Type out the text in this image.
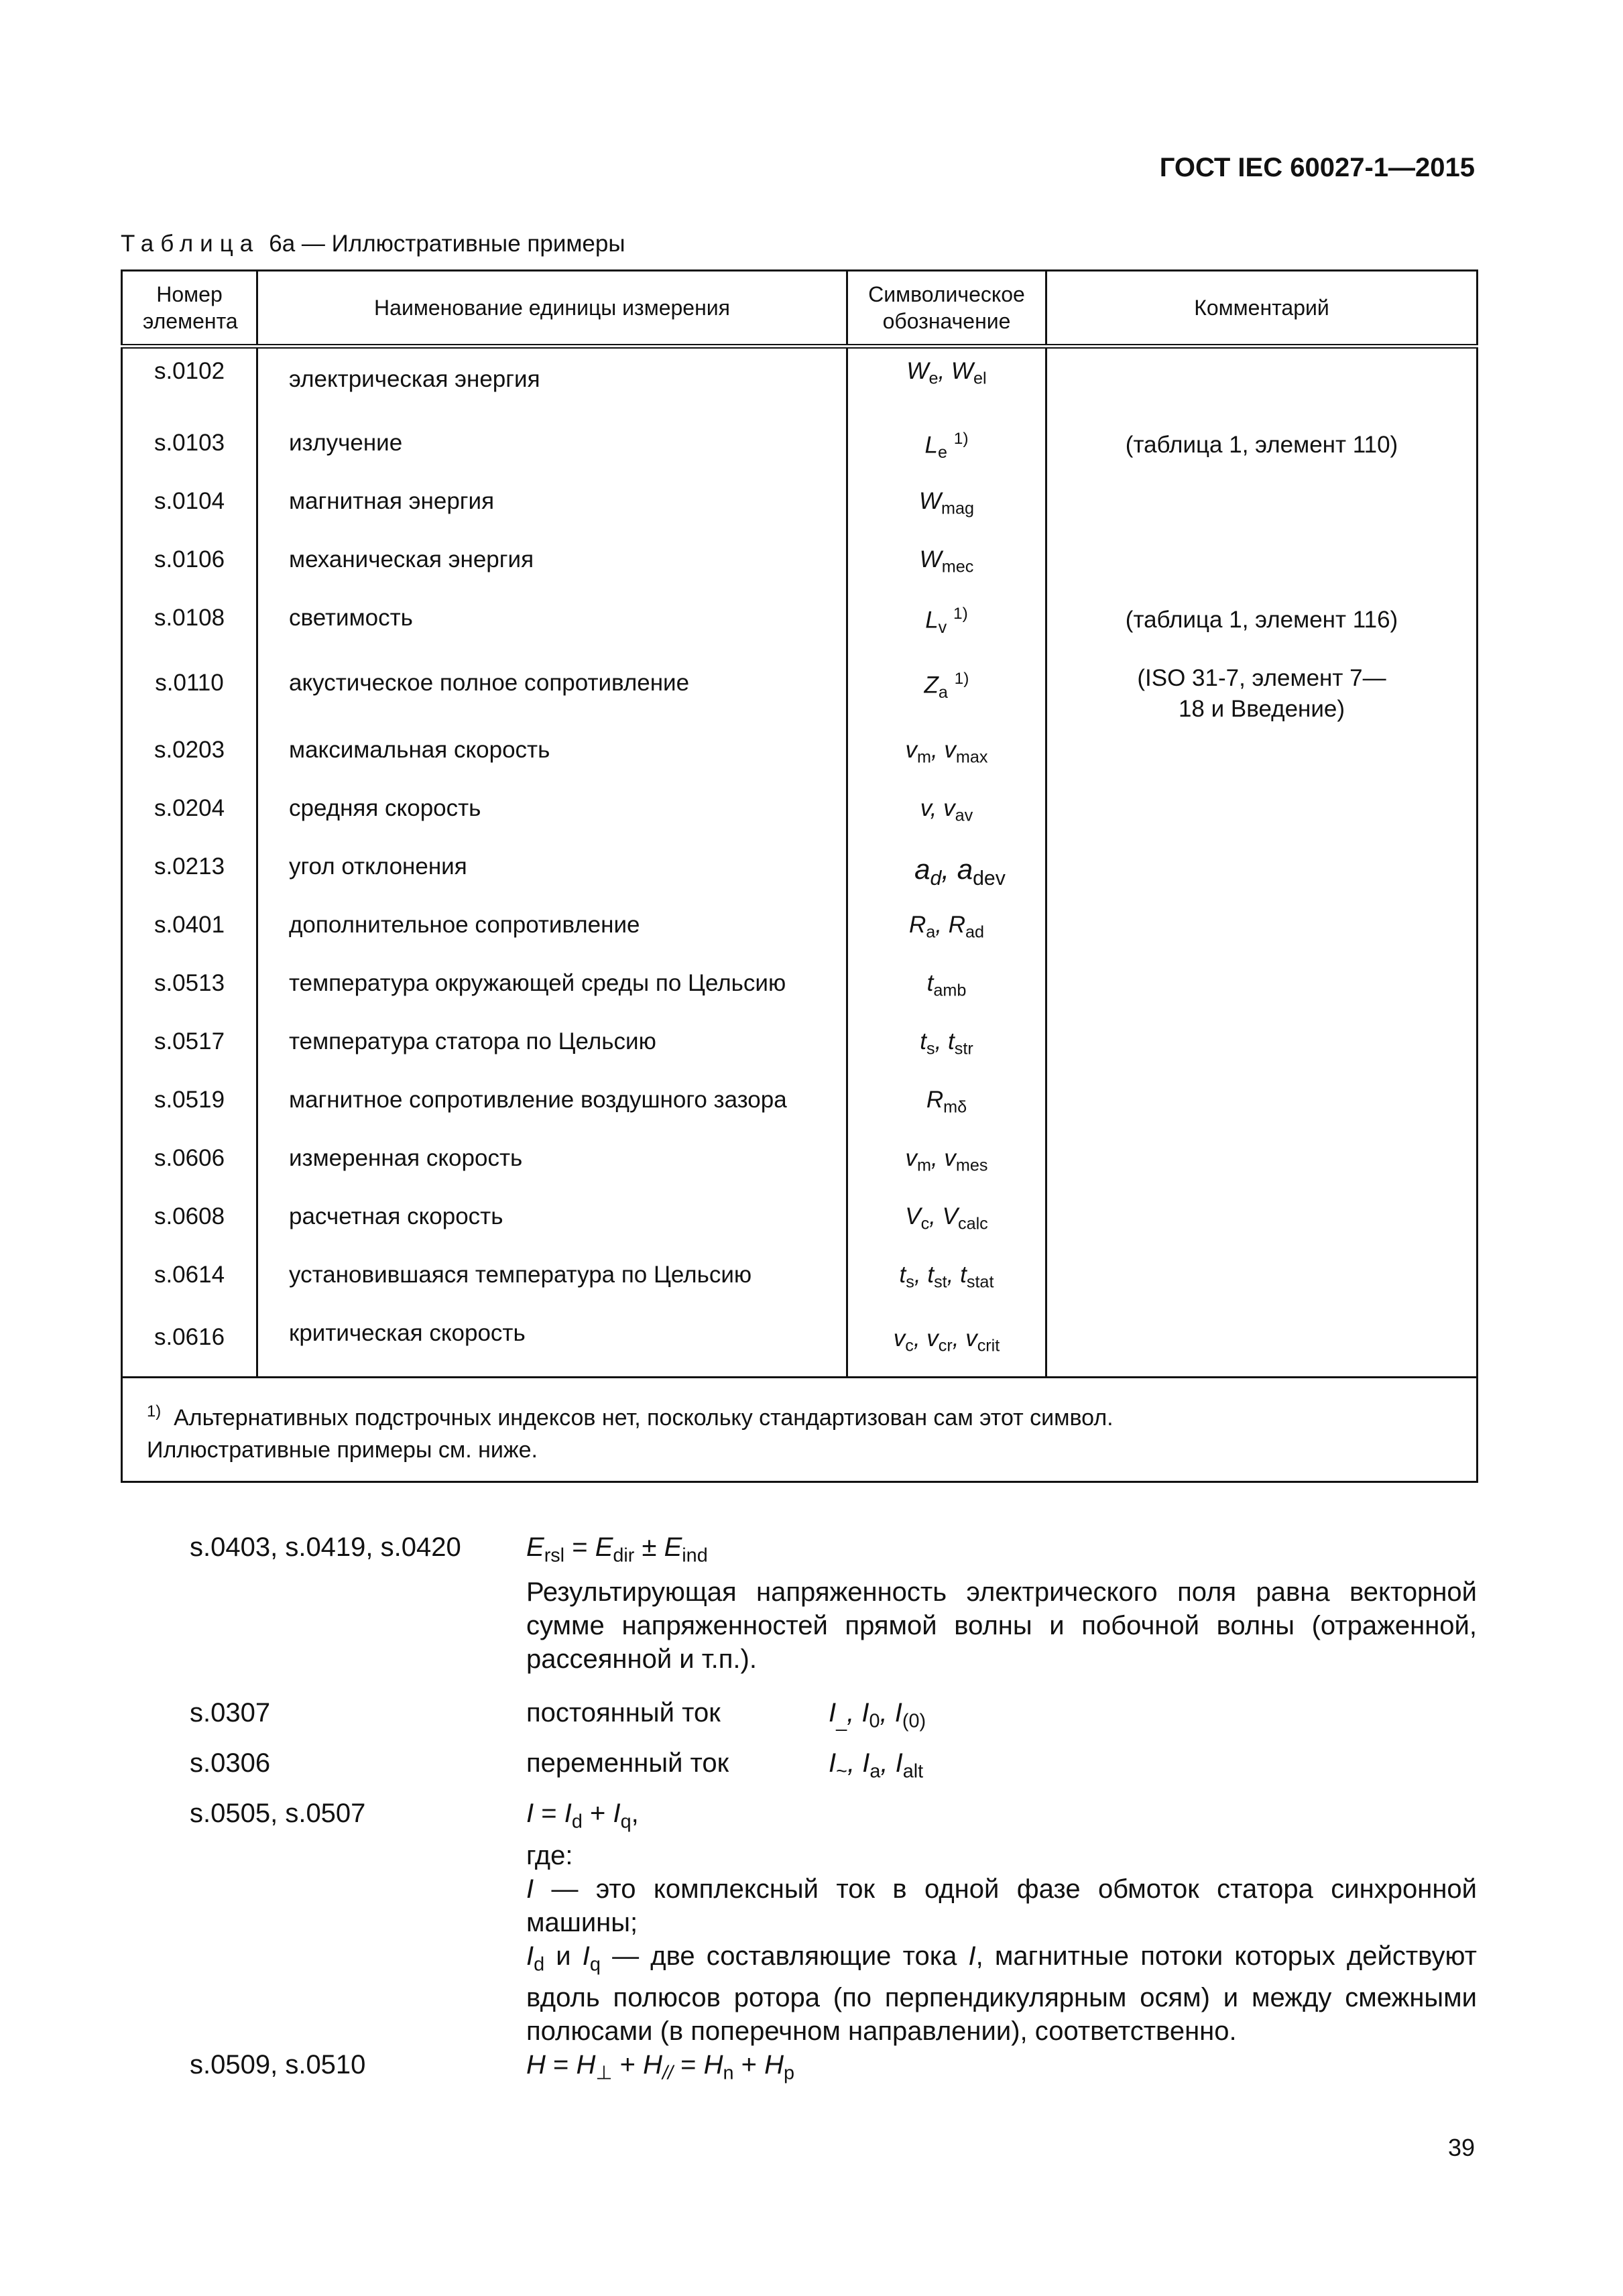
ГОСТ IEC 60027-1—2015
Таблица 6a — Иллюстративные примеры
Номер элемента	Наименование единицы измерения	Символическое обозначение	Комментарий
s.0102	электрическая энергия	$W_e$, $W_{el}$	
s.0103	излучение	$L_e$ $^{1)}$	(таблица 1, элемент 110)
s.0104	магнитная энергия	$W_{mag}$	
s.0106	механическая энергия	$W_{mec}$	
s.0108	светимость	$L_v$ $^{1)}$	(таблица 1, элемент 116)
s.0110	акустическое полное сопротивление	$Z_a$ $^{1)}$	(ISO 31-7, элемент 7—18 и Введение)
s.0203	максимальная скорость	$v_m$, $v_{max}$	
s.0204	средняя скорость	v, $v_{av}$	
s.0213	угол отклонения	$a_d$, $a_{dev}$	
s.0401	дополнительное сопротивление	$R_a$, $R_{ad}$	
s.0513	температура окружающей среды по Цельсию	$t_{amb}$	
s.0517	температура статора по Цельсию	$t_s$, $t_{str}$	
s.0519	магнитное сопротивление воздушного зазора	$R_{m\delta}$	
s.0606	измеренная скорость	$v_m$, $v_{mes}$	
s.0608	расчетная скорость	$V_c$, $V_{calc}$	
s.0614	установившаяся температура по Цельсию	$t_s$, $t_{st}$, $t_{stat}$	
s.0616	критическая скорость	$v_c$, $v_{cr}$, $v_{crit}$	
$^{1)}$ Альтернативных подстрочных индексов нет, поскольку стандартизован сам этот символ.
Иллюстративные примеры см. ниже.			
s.0403, s.0419, s.0420	$E_{rsl} = E_{dir} \pm E_{ind}$
Результирующая напряженность электрического поля равна векторной сумме напряженностей прямой волны и побочной волны (отраженной, рассеянной и т.п.).
s.0307	постоянный ток	$I_{\_}$, $I_0$, $I_{(0)}$
s.0306	переменный ток	$I_\sim$, $I_a$, $I_{alt}$
s.0505, s.0507	$I = I_d + I_q$,
где:
I — это комплексный ток в одной фазе обмоток статора синхронной машины;
$I_d$ и $I_q$ — две составляющие тока I, магнитные потоки которых действуют вдоль полюсов ротора (по перпендикулярным осям) и между смежными полюсами (в поперечном направлении), соответственно.
s.0509, s.0510	$H = H_\perp + H_{//} = H_n + H_p$
39
